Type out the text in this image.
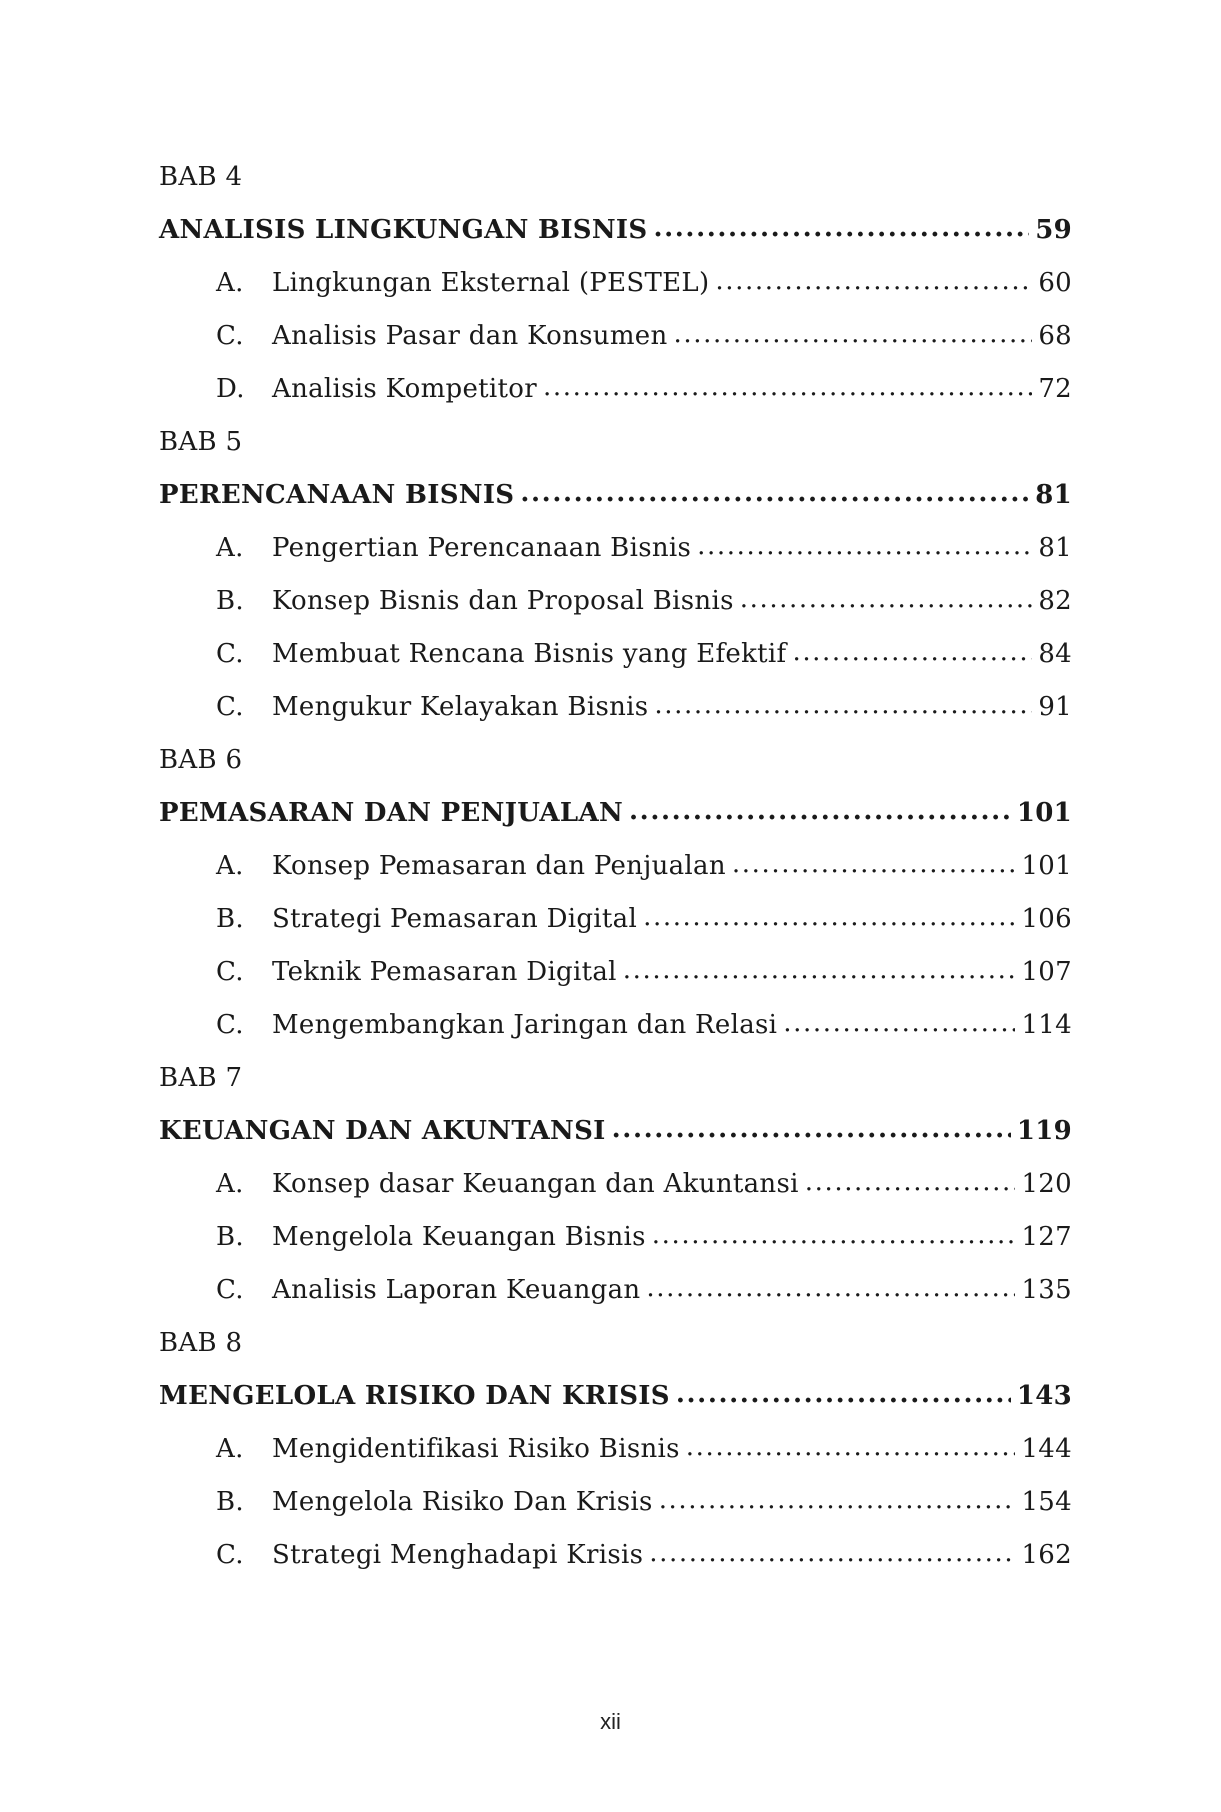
BAB 4
ANALISIS LINGKUNGAN BISNIS .....	59
A.	Lingkungan Eksternal (PESTEL) .....	60
C.	Analisis Pasar dan Konsumen .....	68
D.	Analisis Kompetitor .....	72
BAB 5
PERENCANAAN BISNIS .....	81
A.	Pengertian Perencanaan Bisnis .....	81
B.	Konsep Bisnis dan Proposal Bisnis .....	82
C.	Membuat Rencana Bisnis yang Efektif .....	84
C.	Mengukur Kelayakan Bisnis .....	91
BAB 6
PEMASARAN DAN PENJUALAN .....	101
A.	Konsep Pemasaran dan Penjualan .....	101
B.	Strategi Pemasaran Digital .....	106
C.	Teknik Pemasaran Digital .....	107
C.	Mengembangkan Jaringan dan Relasi .....	114
BAB 7
KEUANGAN DAN AKUNTANSI .....	119
A.	Konsep dasar Keuangan dan Akuntansi .....	120
B.	Mengelola Keuangan Bisnis .....	127
C.	Analisis Laporan Keuangan .....	135
BAB 8
MENGELOLA RISIKO DAN KRISIS .....	143
A.	Mengidentifikasi Risiko Bisnis .....	144
B.	Mengelola Risiko Dan Krisis .....	154
C.	Strategi Menghadapi Krisis .....	162
xii
